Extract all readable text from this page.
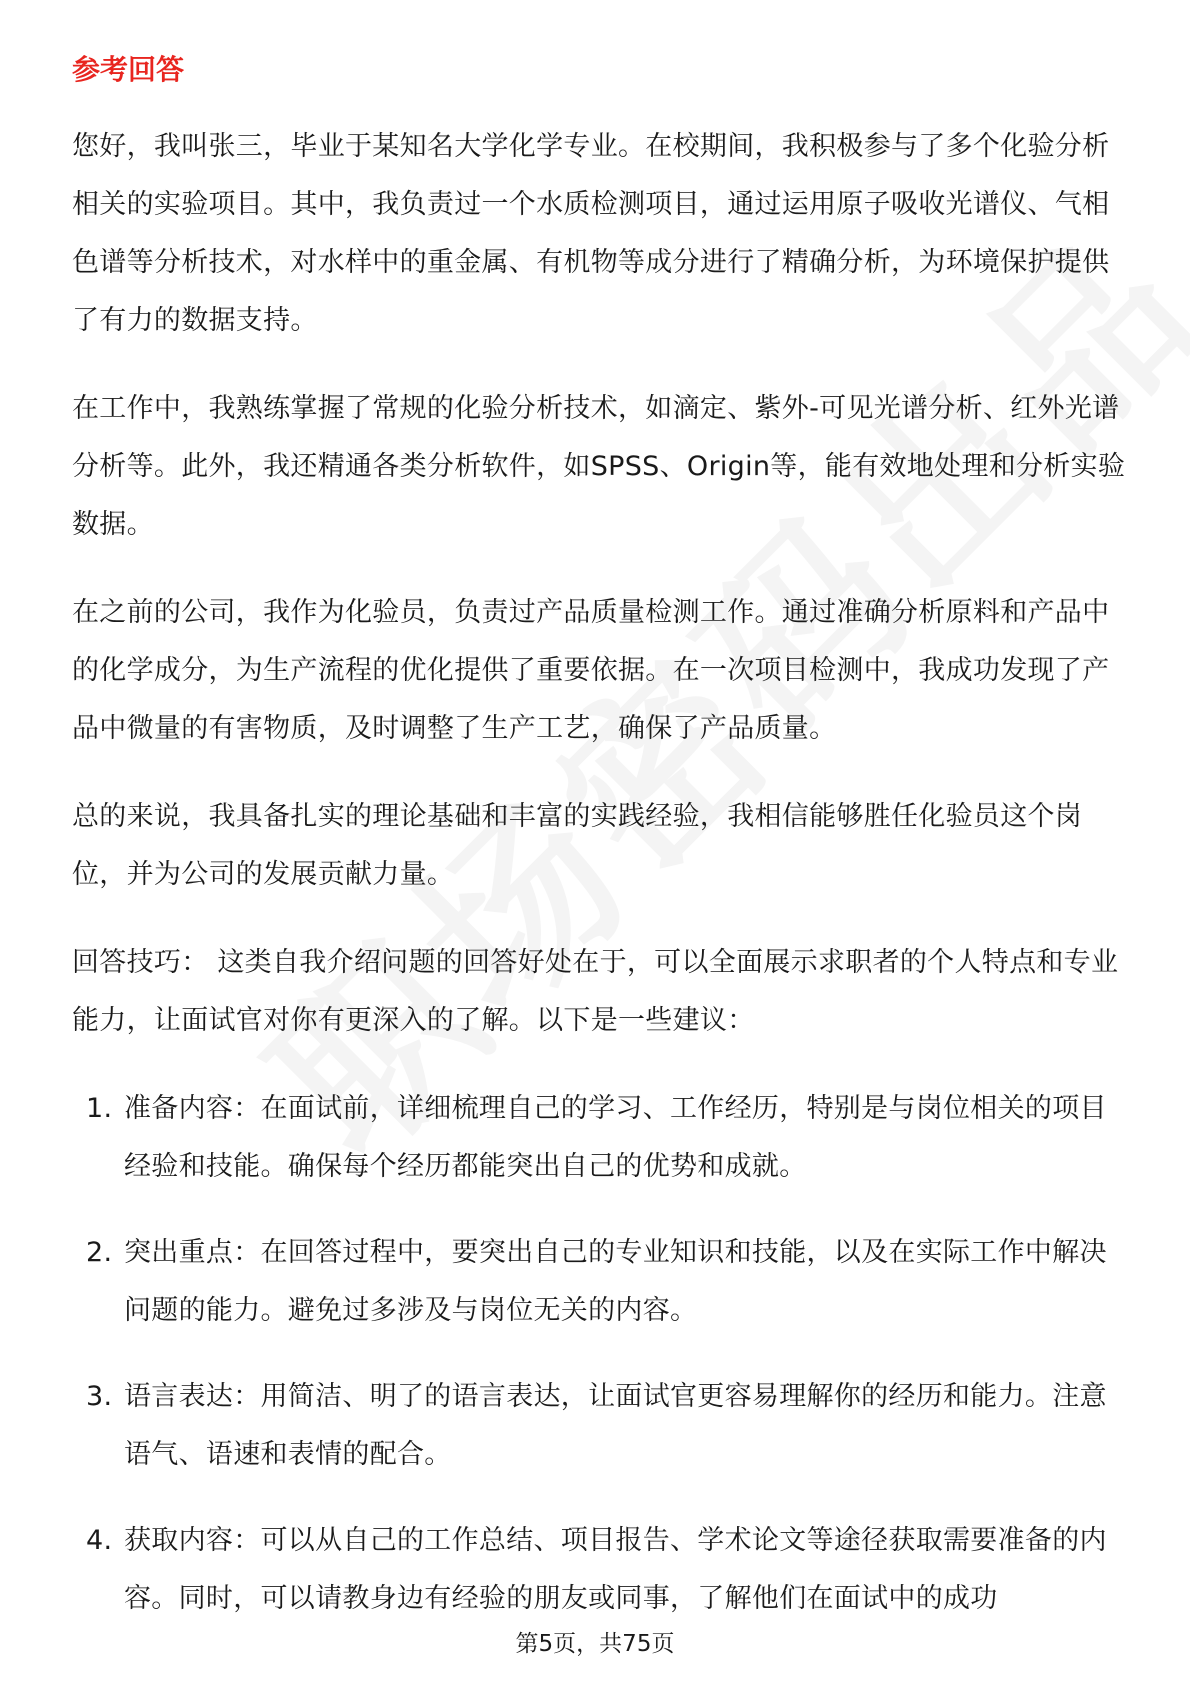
参考回答

您好，我叫张三，毕业于某知名大学化学专业。在校期间，我积极参与了多个化验分析相关的实验项目。其中，我负责过一个水质检测项目，通过运用原子吸收光谱仪、气相色谱等分析技术，对水样中的重金属、有机物等成分进行了精确分析，为环境保护提供了有力的数据支持。

在工作中，我熟练掌握了常规的化验分析技术，如滴定、紫外-可见光谱分析、红外光谱分析等。此外，我还精通各类分析软件，如SPSS、Origin等，能有效地处理和分析实验数据。

在之前的公司，我作为化验员，负责过产品质量检测工作。通过准确分析原料和产品中的化学成分，为生产流程的优化提供了重要依据。在一次项目检测中，我成功发现了产品中微量的有害物质，及时调整了生产工艺，确保了产品质量。

总的来说，我具备扎实的理论基础和丰富的实践经验，我相信能够胜任化验员这个岗位，并为公司的发展贡献力量。

回答技巧： 这类自我介绍问题的回答好处在于，可以全面展示求职者的个人特点和专业能力，让面试官对你有更深入的了解。以下是一些建议：

1. 准备内容：在面试前，详细梳理自己的学习、工作经历，特别是与岗位相关的项目经验和技能。确保每个经历都能突出自己的优势和成就。
2. 突出重点：在回答过程中，要突出自己的专业知识和技能，以及在实际工作中解决问题的能力。避免过多涉及与岗位无关的内容。
3. 语言表达：用简洁、明了的语言表达，让面试官更容易理解你的经历和能力。注意语气、语速和表情的配合。
4. 获取内容：可以从自己的工作总结、项目报告、学术论文等途径获取需要准备的内容。同时，可以请教身边有经验的朋友或同事，了解他们在面试中的成功
第5页，共75页
